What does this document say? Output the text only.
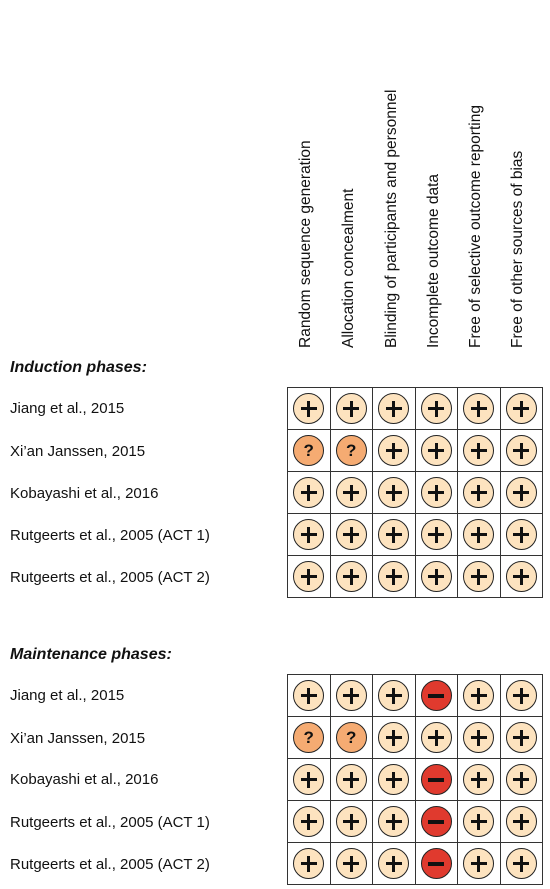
Random sequence generation Allocation concealment Blinding of participants and personnel Incomplete outcome data Free of selective outcome reporting Free of other sources of bias
Induction phases:
Jiang et al., 2015
Xi’an Janssen, 2015
Kobayashi et al., 2016
Rutgeerts et al., 2005 (ACT 1)
Rutgeerts et al., 2005 (ACT 2)
? ?
Maintenance phases:
Jiang et al., 2015
Xi’an Janssen, 2015
Kobayashi et al., 2016
Rutgeerts et al., 2005 (ACT 1)
Rutgeerts et al., 2005 (ACT 2)
? ?
